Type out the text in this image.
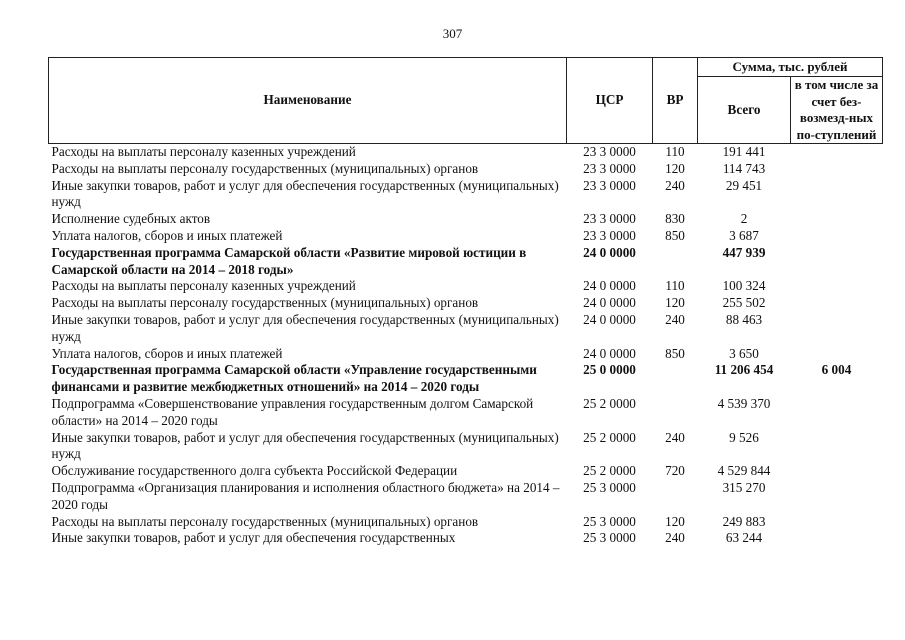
307
Наименование	ЦСР	ВР	Сумма, тыс. рублей	
			Всего	в том числе за счет без-возмезд-ных по-ступлений
Расходы на выплаты персоналу казенных учреждений	23 3 0000	110	191 441	
Расходы на выплаты персоналу государственных (муниципальных) органов	23 3 0000	120	114 743	
Иные закупки товаров, работ и услуг для обеспечения государственных (муниципальных) нужд	23 3 0000	240	29 451	
Исполнение судебных актов	23 3 0000	830	2	
Уплата налогов, сборов и иных платежей	23 3 0000	850	3 687	
Государственная программа Самарской области «Развитие мировой юстиции в Самарской области на 2014 – 2018 годы»	24 0 0000		447 939	
Расходы на выплаты персоналу казенных учреждений	24 0 0000	110	100 324	
Расходы на выплаты персоналу государственных (муниципальных) органов	24 0 0000	120	255 502	
Иные закупки товаров, работ и услуг для обеспечения государственных (муниципальных) нужд	24 0 0000	240	88 463	
Уплата налогов, сборов и иных платежей	24 0 0000	850	3 650	
Государственная программа Самарской области «Управление государственными финансами и развитие межбюджетных отношений» на 2014 – 2020 годы	25 0 0000		11 206 454	6 004
Подпрограмма «Совершенствование управления государственным долгом Самарской области» на 2014 – 2020 годы	25 2 0000		4 539 370	
Иные закупки товаров, работ и услуг для обеспечения государственных (муниципальных) нужд	25 2 0000	240	9 526	
Обслуживание государственного долга субъекта Российской Федерации	25 2 0000	720	4 529 844	
Подпрограмма «Организация планирования и исполнения областного бюджета» на 2014 – 2020 годы	25 3 0000		315 270	
Расходы на выплаты персоналу государственных (муниципальных) органов	25 3 0000	120	249 883	
Иные закупки товаров, работ и услуг для обеспечения государственных	25 3 0000	240	63 244	
